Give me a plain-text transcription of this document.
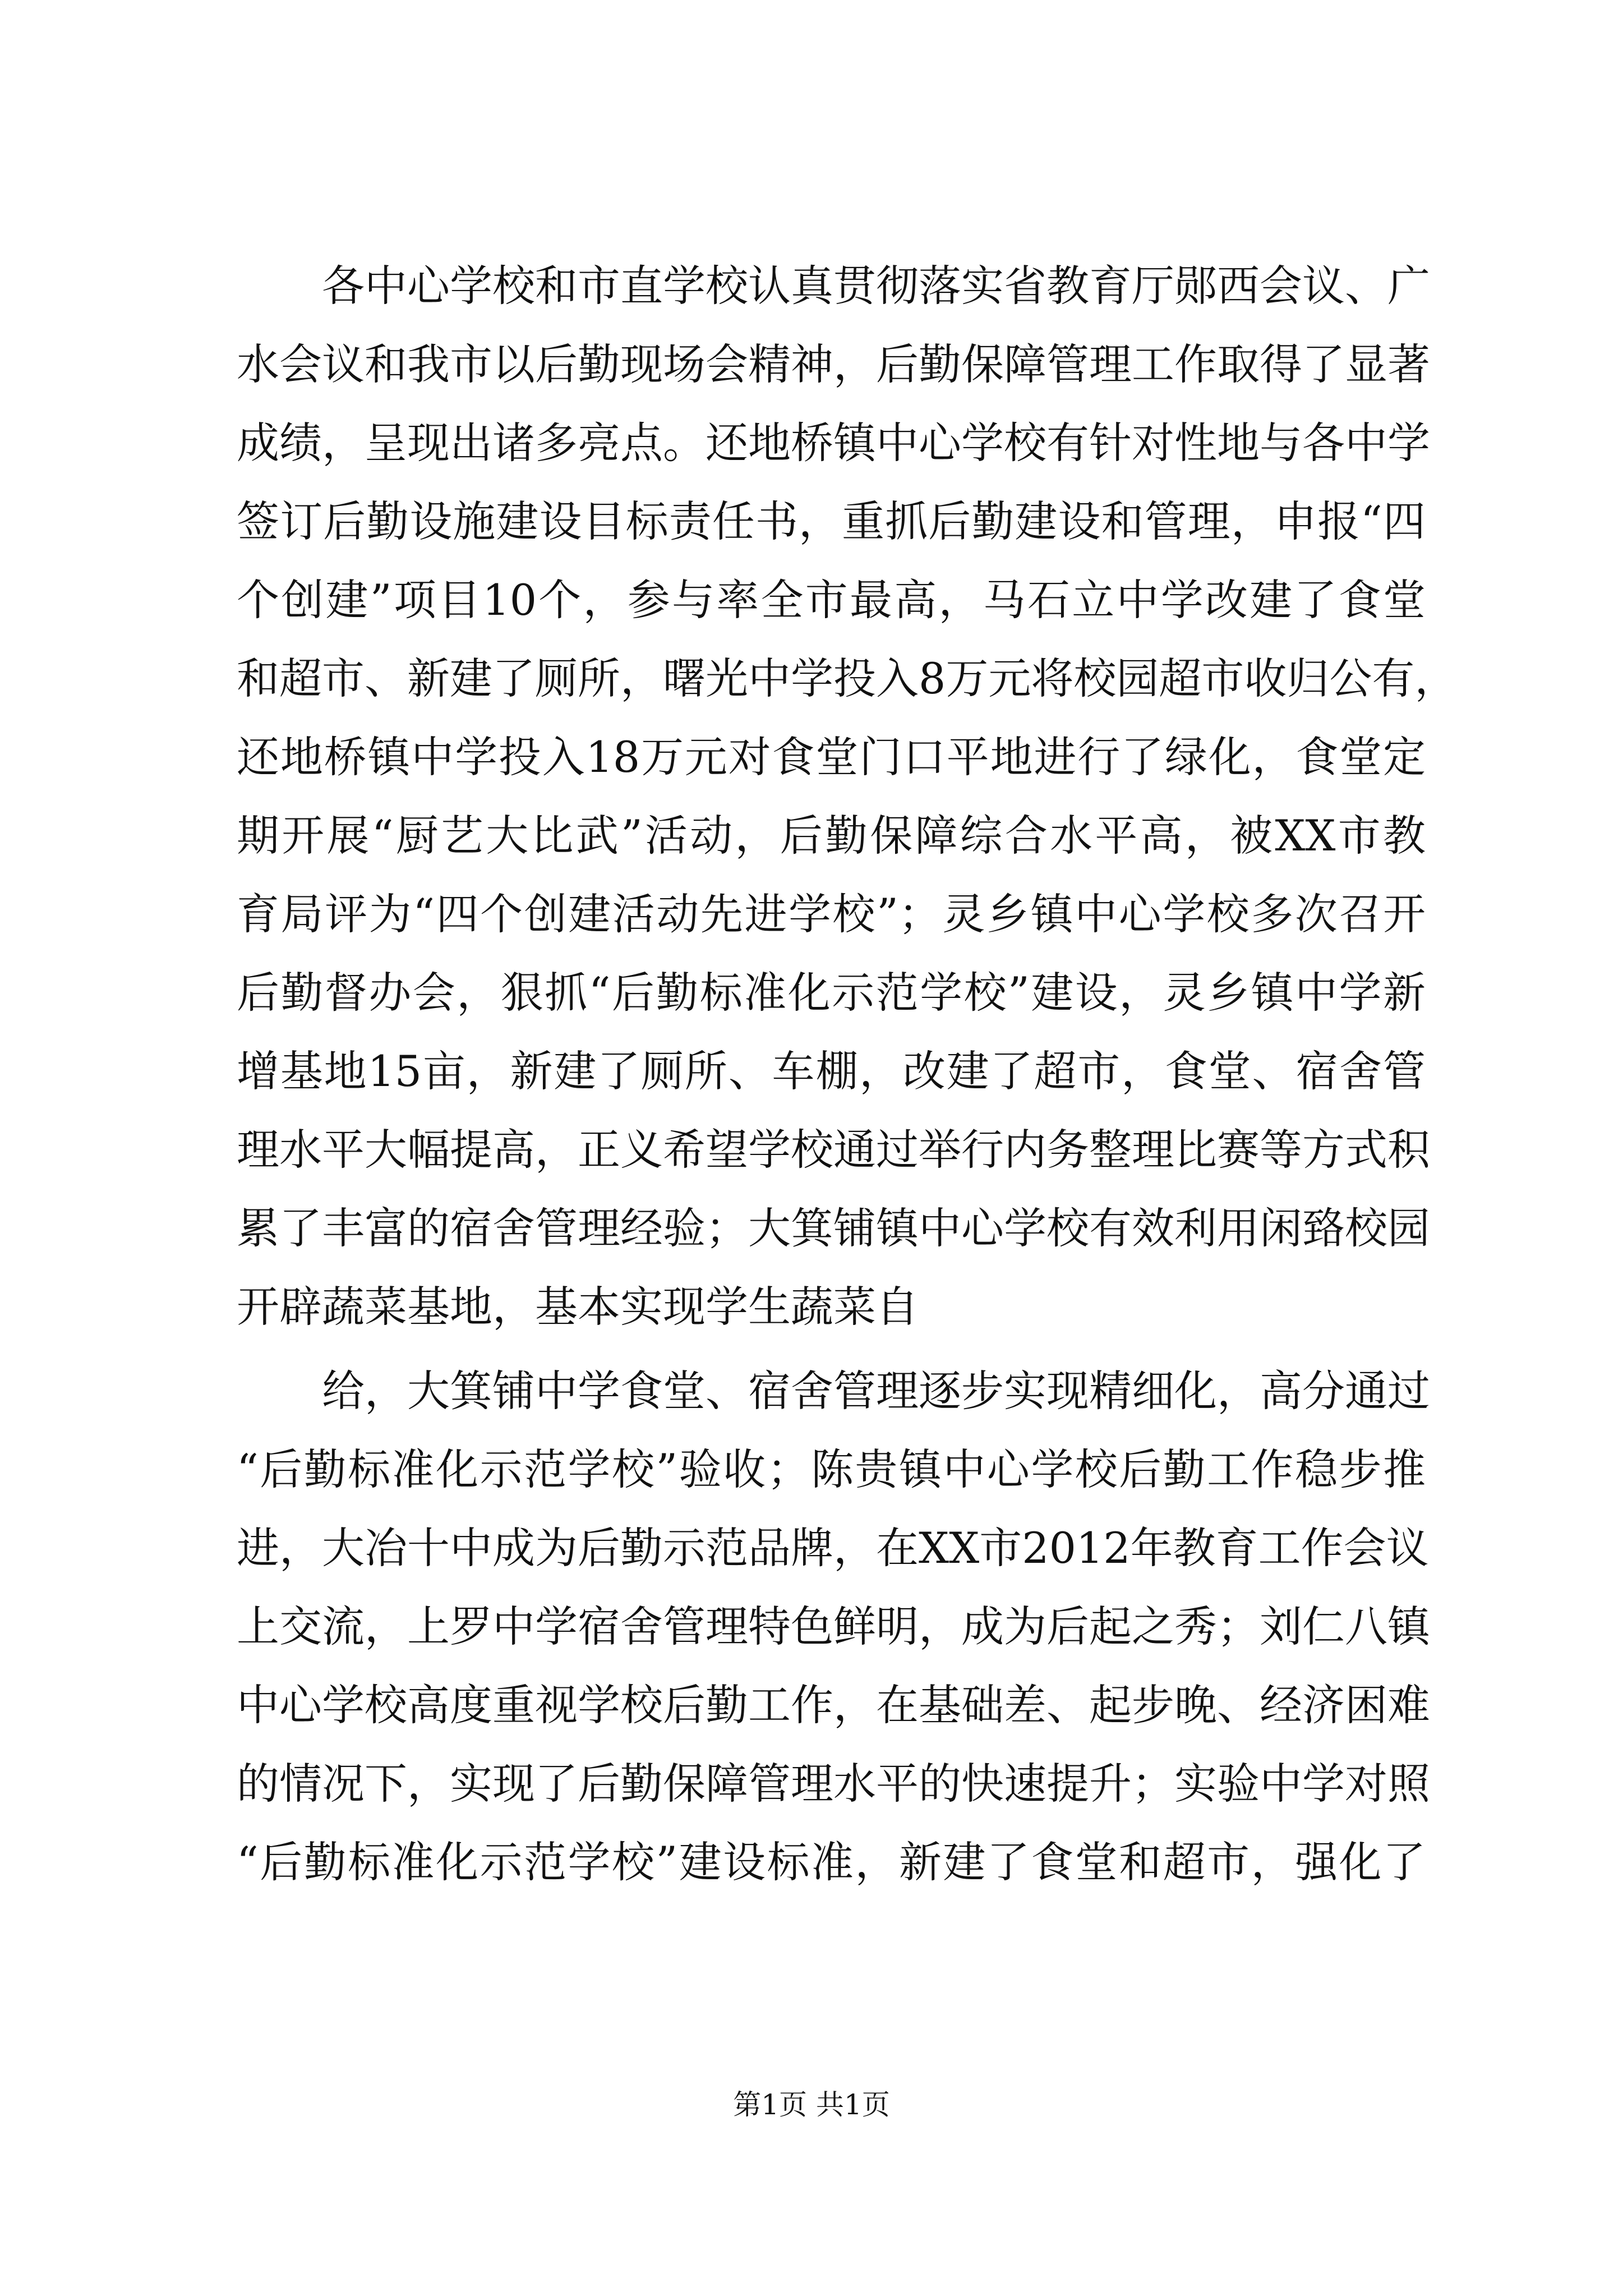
各中心学校和市直学校认真贯彻落实省教育厅郧西会议、广
水会议和我市以后勤现场会精神，后勤保障管理工作取得了显著
成绩，呈现出诸多亮点。还地桥镇中心学校有针对性地与各中学
签订后勤设施建设目标责任书，重抓后勤建设和管理，申报“四
个创建”项目10个，参与率全市最高，马石立中学改建了食堂
和超市、新建了厕所，曙光中学投入8万元将校园超市收归公有，
还地桥镇中学投入18万元对食堂门口平地进行了绿化，食堂定
期开展“厨艺大比武”活动，后勤保障综合水平高，被XX市教
育局评为“四个创建活动先进学校”；灵乡镇中心学校多次召开
后勤督办会，狠抓“后勤标准化示范学校”建设，灵乡镇中学新
增基地15亩，新建了厕所、车棚，改建了超市，食堂、宿舍管
理水平大幅提高，正义希望学校通过举行内务整理比赛等方式积
累了丰富的宿舍管理经验；大箕铺镇中心学校有效利用闲臵校园
开辟蔬菜基地，基本实现学生蔬菜自
给，大箕铺中学食堂、宿舍管理逐步实现精细化，高分通过
“后勤标准化示范学校”验收；陈贵镇中心学校后勤工作稳步推
进，大冶十中成为后勤示范品牌，在XX市2012年教育工作会议
上交流，上罗中学宿舍管理特色鲜明，成为后起之秀；刘仁八镇
中心学校高度重视学校后勤工作，在基础差、起步晚、经济困难
的情况下，实现了后勤保障管理水平的快速提升；实验中学对照
“后勤标准化示范学校”建设标准，新建了食堂和超市，强化了
第1页 共1页
